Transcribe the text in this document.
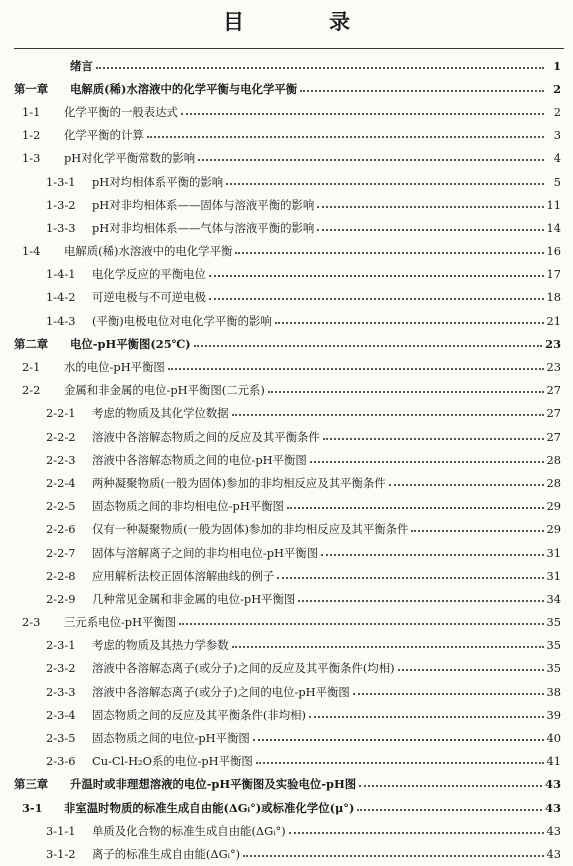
目　录
绪言	1
第一章	电解质(稀)水溶液中的化学平衡与电化学平衡	2
1-1	化学平衡的一般表达式	2
1-2	化学平衡的计算	3
1-3	pH对化学平衡常数的影响	4
1-3-1	pH对均相体系平衡的影响	5
1-3-2	pH对非均相体系——固体与溶液平衡的影响	11
1-3-3	pH对非均相体系——气体与溶液平衡的影响	14
1-4	电解质(稀)水溶液中的电化学平衡	16
1-4-1	电化学反应的平衡电位	17
1-4-2	可逆电极与不可逆电极	18
1-4-3	(平衡)电极电位对电化学平衡的影响	21
第二章	电位-pH平衡图(25℃)	23
2-1	水的电位-pH平衡图	23
2-2	金属和非金属的电位-pH平衡图(二元系)	27
2-2-1	考虑的物质及其化学位数据	27
2-2-2	溶液中各溶解态物质之间的反应及其平衡条件	27
2-2-3	溶液中各溶解态物质之间的电位-pH平衡图	28
2-2-4	两种凝聚物质(一般为固体)参加的非均相反应及其平衡条件	28
2-2-5	固态物质之间的非均相电位-pH平衡图	29
2-2-6	仅有一种凝聚物质(一般为固体)参加的非均相反应及其平衡条件	29
2-2-7	固体与溶解离子之间的非均相电位-pH平衡图	31
2-2-8	应用解析法校正固体溶解曲线的例子	31
2-2-9	几种常见金属和非金属的电位-pH平衡图	34
2-3	三元系电位-pH平衡图	35
2-3-1	考虑的物质及其热力学参数	35
2-3-2	溶液中各溶解态离子(或分子)之间的反应及其平衡条件(均相)	35
2-3-3	溶液中各溶解态离子(或分子)之间的电位-pH平衡图	38
2-3-4	固态物质之间的反应及其平衡条件(非均相)	39
2-3-5	固态物质之间的电位-pH平衡图	40
2-3-6	Cu-Cl-H₂O系的电位-pH平衡图	41
第三章	升温时或非理想溶液的电位-pH平衡图及实验电位-pH图	43
3-1	非室温时物质的标准生成自由能(ΔGᵢ°)或标准化学位(μ°)	43
3-1-1	单质及化合物的标准生成自由能(ΔGᵢ°)	43
3-1-2	离子的标准生成自由能(ΔGᵢ°)	43
